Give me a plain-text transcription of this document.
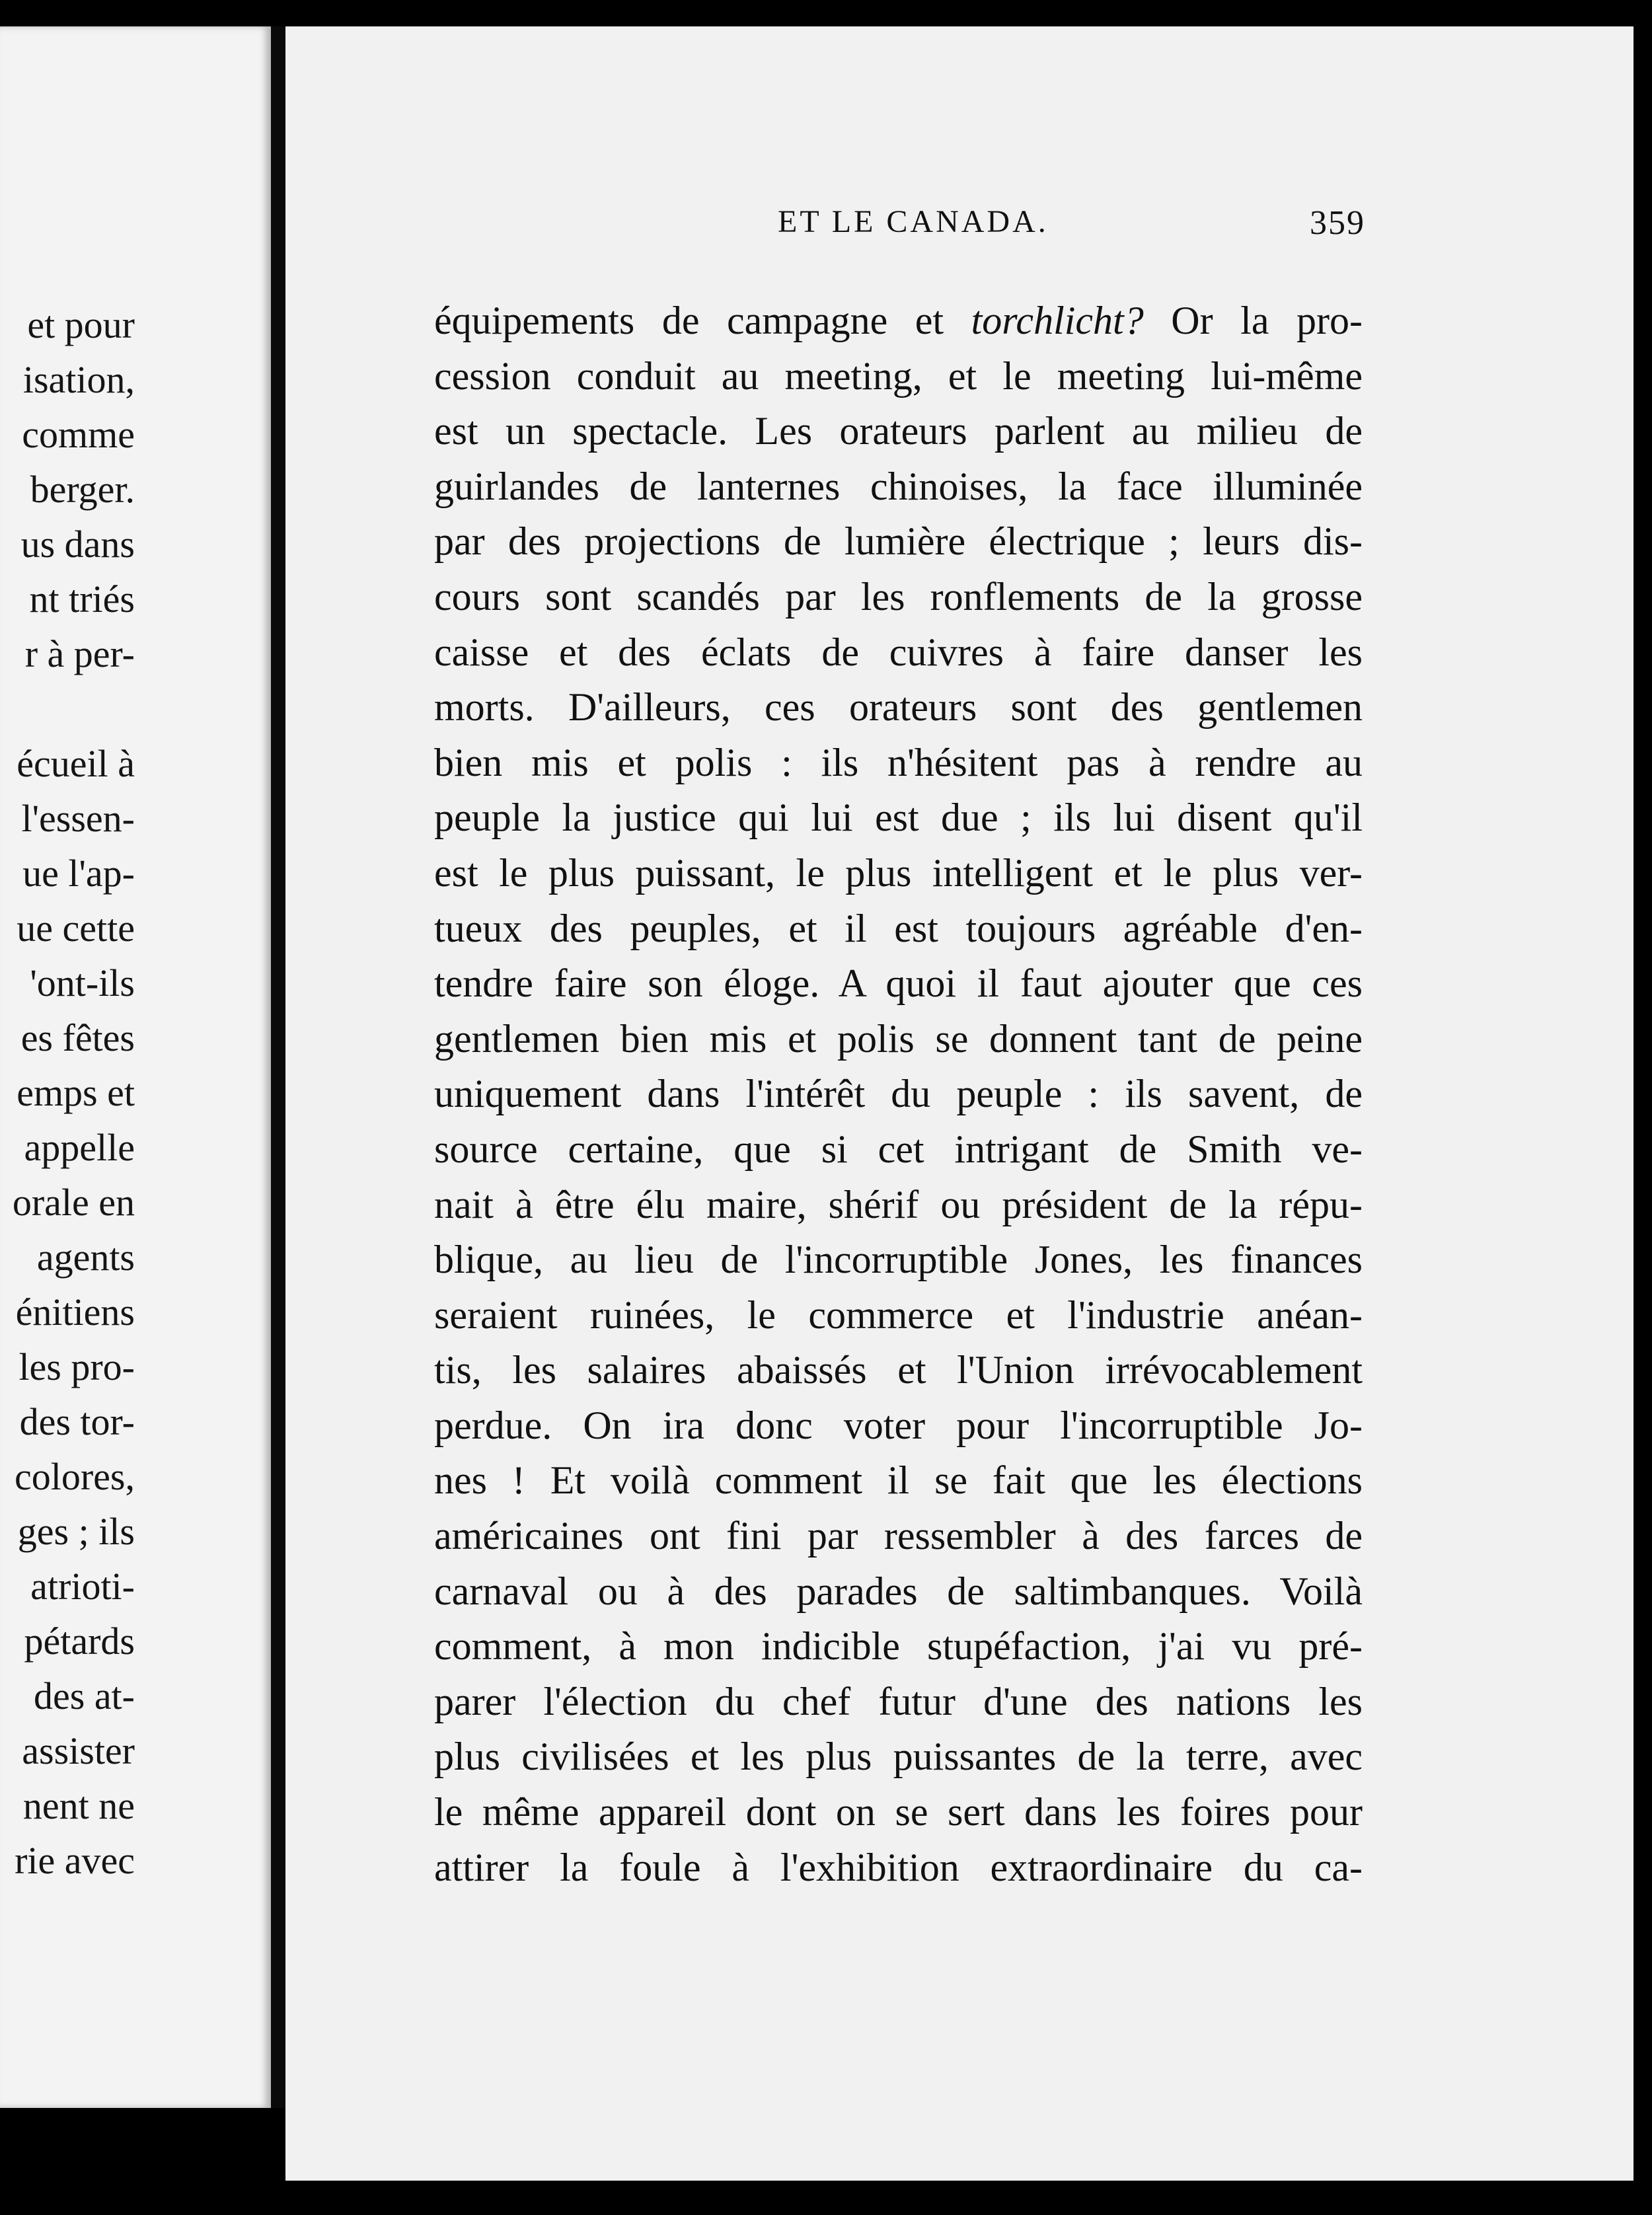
et pour
isation,
comme
berger.
us dans
nt triés
r à per-
écueil à
l'essen-
ue l'ap-
ue cette
'ont-ils
es fêtes
emps et
appelle
orale en
agents
énitiens
les pro-
des tor-
colores,
ges ; ils
atrioti-
pétards
des at-
assister
nent ne
rie avec
ET LE CANADA.	359
équipements de campagne et torchlicht? Or la pro-
cession conduit au meeting, et le meeting lui-même
est un spectacle. Les orateurs parlent au milieu de
guirlandes de lanternes chinoises, la face illuminée
par des projections de lumière électrique ; leurs dis-
cours sont scandés par les ronflements de la grosse
caisse et des éclats de cuivres à faire danser les
morts. D'ailleurs, ces orateurs sont des gentlemen
bien mis et polis : ils n'hésitent pas à rendre au
peuple la justice qui lui est due ; ils lui disent qu'il
est le plus puissant, le plus intelligent et le plus ver-
tueux des peuples, et il est toujours agréable d'en-
tendre faire son éloge. A quoi il faut ajouter que ces
gentlemen bien mis et polis se donnent tant de peine
uniquement dans l'intérêt du peuple : ils savent, de
source certaine, que si cet intrigant de Smith ve-
nait à être élu maire, shérif ou président de la répu-
blique, au lieu de l'incorruptible Jones, les finances
seraient ruinées, le commerce et l'industrie anéan-
tis, les salaires abaissés et l'Union irrévocablement
perdue. On ira donc voter pour l'incorruptible Jo-
nes ! Et voilà comment il se fait que les élections
américaines ont fini par ressembler à des farces de
carnaval ou à des parades de saltimbanques. Voilà
comment, à mon indicible stupéfaction, j'ai vu pré-
parer l'élection du chef futur d'une des nations les
plus civilisées et les plus puissantes de la terre, avec
le même appareil dont on se sert dans les foires pour
attirer la foule à l'exhibition extraordinaire du ca-
